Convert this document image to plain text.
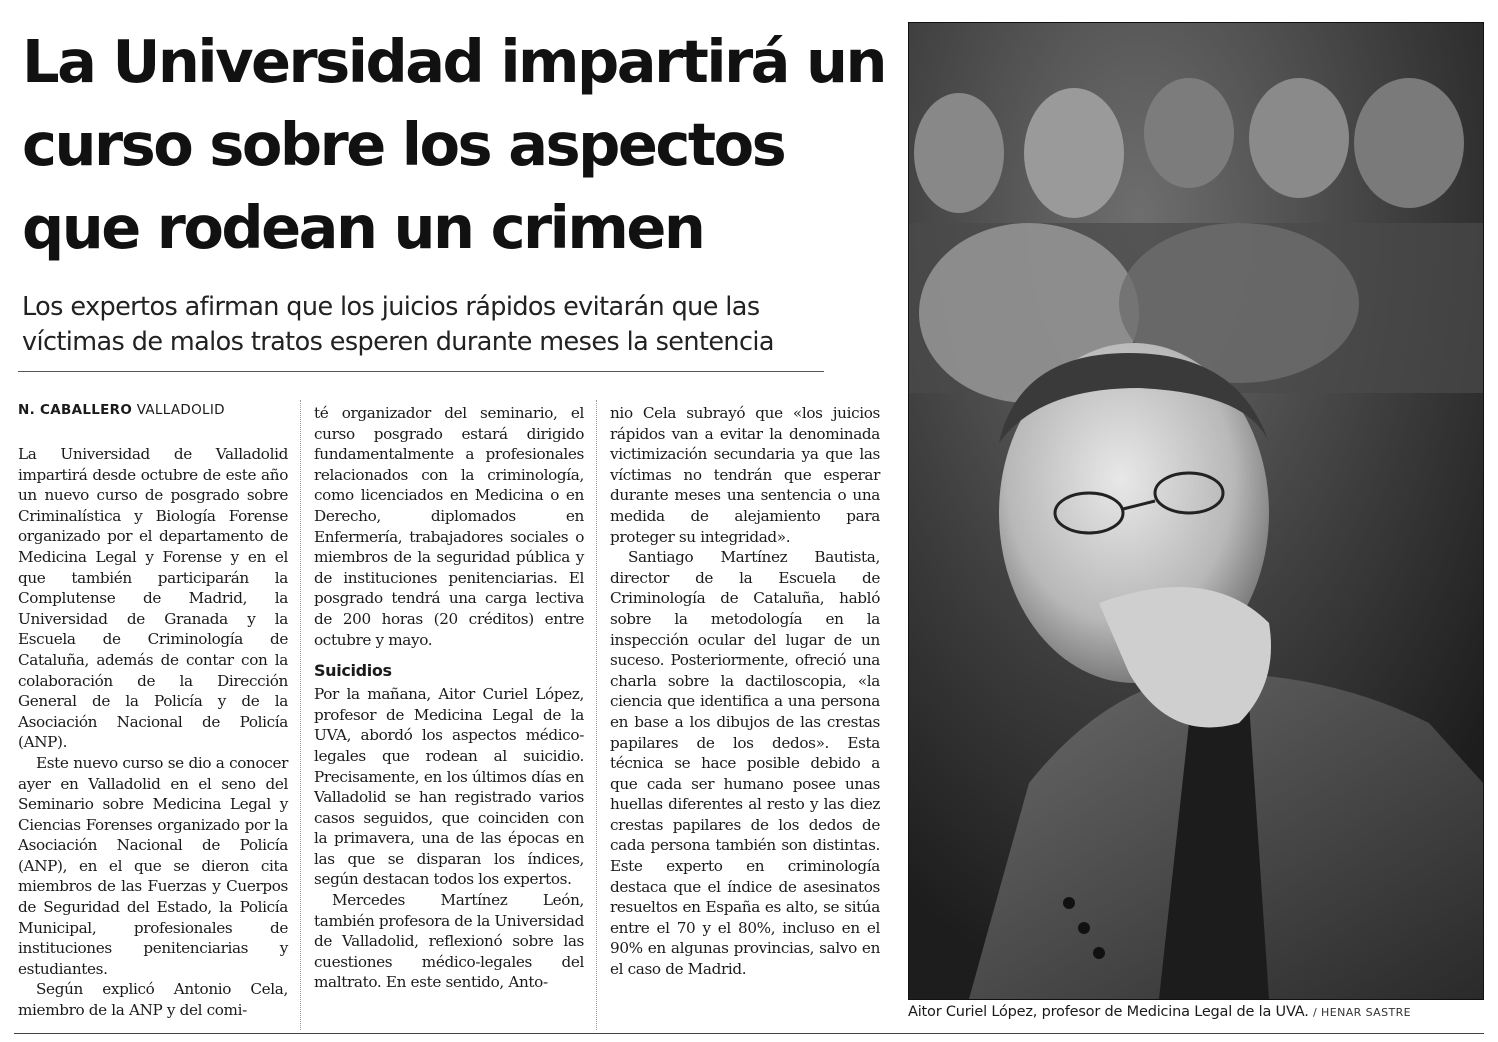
La Universidad impartirá un
curso sobre los aspectos
que rodean un crimen
Los expertos afirman que los juicios rápidos evitarán que las
víctimas de malos tratos esperen durante meses la sentencia
N. CABALLERO VALLADOLID

La Universidad de Valladolid impartirá desde octubre de este año un nuevo curso de posgrado sobre Criminalística y Biología Forense organizado por el departamento de Medicina Legal y Forense y en el que también participarán la Complutense de Madrid, la Universidad de Granada y la Escuela de Criminología de Cataluña, además de contar con la colaboración de la Dirección General de la Policía y de la Asociación Nacional de Policía (ANP).

Este nuevo curso se dio a conocer ayer en Valladolid en el seno del Seminario sobre Medicina Legal y Ciencias Forenses organizado por la Asociación Nacional de Policía (ANP), en el que se dieron cita miembros de las Fuerzas y Cuerpos de Seguridad del Estado, la Policía Municipal, profesionales de instituciones penitenciarias y estudiantes.

Según explicó Antonio Cela, miembro de la ANP y del comi-

té organizador del seminario, el curso posgrado estará dirigido fundamentalmente a profesionales relacionados con la criminología, como licenciados en Medicina o en Derecho, diplomados en Enfermería, trabajadores sociales o miembros de la seguridad pública y de instituciones penitenciarias. El posgrado tendrá una carga lectiva de 200 horas (20 créditos) entre octubre y mayo.

Suicidios

Por la mañana, Aitor Curiel López, profesor de Medicina Legal de la UVA, abordó los aspectos médico-legales que rodean al suicidio. Precisamente, en los últimos días en Valladolid se han registrado varios casos seguidos, que coinciden con la primavera, una de las épocas en las que se disparan los índices, según destacan todos los expertos.

Mercedes Martínez León, también profesora de la Universidad de Valladolid, reflexionó sobre las cuestiones médico-legales del maltrato. En este sentido, Anto-

nio Cela subrayó que «los juicios rápidos van a evitar la denominada victimización secundaria ya que las víctimas no tendrán que esperar durante meses una sentencia o una medida de alejamiento para proteger su integridad».

Santiago Martínez Bautista, director de la Escuela de Criminología de Cataluña, habló sobre la metodología en la inspección ocular del lugar de un suceso. Posteriormente, ofreció una charla sobre la dactiloscopia, «la ciencia que identifica a una persona en base a los dibujos de las crestas papilares de los dedos». Esta técnica se hace posible debido a que cada ser humano posee unas huellas diferentes al resto y las diez crestas papilares de los dedos de cada persona también son distintas. Este experto en criminología destaca que el índice de asesinatos resueltos en España es alto, se sitúa entre el 70 y el 80%, incluso en el 90% en algunas provincias, salvo en el caso de Madrid.

Aitor Curiel López, profesor de Medicina Legal de la UVA. / HENAR SASTRE
